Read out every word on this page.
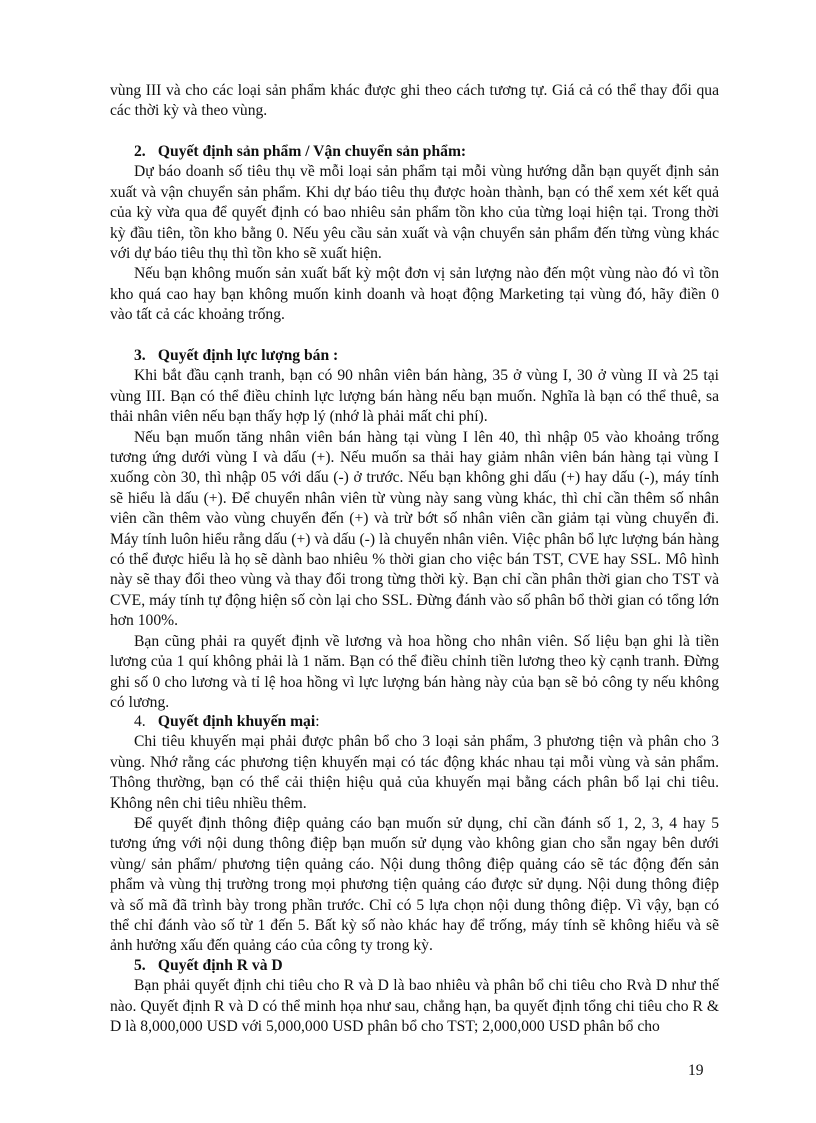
vùng III và cho các loại sản phẩm khác được ghi theo cách tương tự. Giá cả có thể thay đổi qua các thời kỳ và theo vùng.

2. Quyết định sản phẩm / Vận chuyển sản phẩm:

Dự báo doanh số tiêu thụ về mỗi loại sản phẩm tại mỗi vùng hướng dẫn bạn quyết định sản xuất và vận chuyển sản phẩm. Khi dự báo tiêu thụ được hoàn thành, bạn có thể xem xét kết quả của kỳ vừa qua để quyết định có bao nhiêu sản phẩm tồn kho của từng loại hiện tại. Trong thời kỳ đầu tiên, tồn kho bằng 0. Nếu yêu cầu sản xuất và vận chuyển sản phẩm đến từng vùng khác với dự báo tiêu thụ thì tồn kho sẽ xuất hiện.

Nếu bạn không muốn sản xuất bất kỳ một đơn vị sản lượng nào đến một vùng nào đó vì tồn kho quá cao hay bạn không muốn kinh doanh và hoạt động Marketing tại vùng đó, hãy điền 0 vào tất cả các khoảng trống.

3. Quyết định lực lượng bán :

Khi bắt đầu cạnh tranh, bạn có 90 nhân viên bán hàng, 35 ở vùng I, 30 ở vùng II và 25 tại vùng III. Bạn có thể điều chỉnh lực lượng bán hàng nếu bạn muốn. Nghĩa là bạn có thể thuê, sa thải nhân viên nếu bạn thấy hợp lý (nhớ là phải mất chi phí).

Nếu bạn muốn tăng nhân viên bán hàng tại vùng I lên 40, thì nhập 05 vào khoảng trống tương ứng dưới vùng I và dấu (+). Nếu muốn sa thải hay giảm nhân viên bán hàng tại vùng I xuống còn 30, thì nhập 05 với dấu (-) ở trước. Nếu bạn không ghi dấu (+) hay dấu (-), máy tính sẽ hiểu là dấu (+). Để chuyển nhân viên từ vùng này sang vùng khác, thì chỉ cần thêm số nhân viên cần thêm vào vùng chuyển đến (+) và trừ bớt số nhân viên cần giảm tại vùng chuyển đi. Máy tính luôn hiểu rằng dấu (+) và dấu (-) là chuyển nhân viên. Việc phân bổ lực lượng bán hàng có thể được hiểu là họ sẽ dành bao nhiêu % thời gian cho việc bán TST, CVE hay SSL. Mô hình này sẽ thay đổi theo vùng và thay đổi trong từng thời kỳ. Bạn chỉ cần phân thời gian cho TST và CVE, máy tính tự động hiện số còn lại cho SSL. Đừng đánh vào số phân bổ thời gian có tổng lớn hơn 100%.

Bạn cũng phải ra quyết định về lương và hoa hồng cho nhân viên. Số liệu bạn ghi là tiền lương của 1 quí không phải là 1 năm. Bạn có thể điều chỉnh tiền lương theo kỳ cạnh tranh. Đừng ghi số 0 cho lương và tỉ lệ hoa hồng vì lực lượng bán hàng này của bạn sẽ bỏ công ty nếu không có lương.

4. Quyết định khuyến mại:

Chi tiêu khuyến mại phải được phân bổ cho 3 loại sản phẩm, 3 phương tiện và phân cho 3 vùng. Nhớ rằng các phương tiện khuyến mại có tác động khác nhau tại mỗi vùng và sản phẩm. Thông thường, bạn có thể cải thiện hiệu quả của khuyến mại bằng cách phân bổ lại chi tiêu. Không nên chi tiêu nhiều thêm.

Để quyết định thông điệp quảng cáo bạn muốn sử dụng, chỉ cần đánh số 1, 2, 3, 4 hay 5 tương ứng với nội dung thông điệp bạn muốn sử dụng vào không gian cho sẵn ngay bên dưới vùng/ sản phẩm/ phương tiện quảng cáo. Nội dung thông điệp quảng cáo sẽ tác động đến sản phẩm và vùng thị trường trong mọi phương tiện quảng cáo được sử dụng. Nội dung thông điệp và số mã đã trình bày trong phần trước. Chỉ có 5 lựa chọn nội dung thông điệp. Vì vậy, bạn có thể chỉ đánh vào số từ 1 đến 5. Bất kỳ số nào khác hay để trống, máy tính sẽ không hiểu và sẽ ảnh hưởng xấu đến quảng cáo của công ty trong kỳ.

5. Quyết định R và D

Bạn phải quyết định chi tiêu cho R và D là bao nhiêu và phân bổ chi tiêu cho Rvà D như thế nào. Quyết định R và D có thể minh họa như sau, chẳng hạn, ba quyết định tổng chi tiêu cho R & D là 8,000,000 USD với 5,000,000 USD phân bổ cho TST; 2,000,000 USD phân bổ cho

19
